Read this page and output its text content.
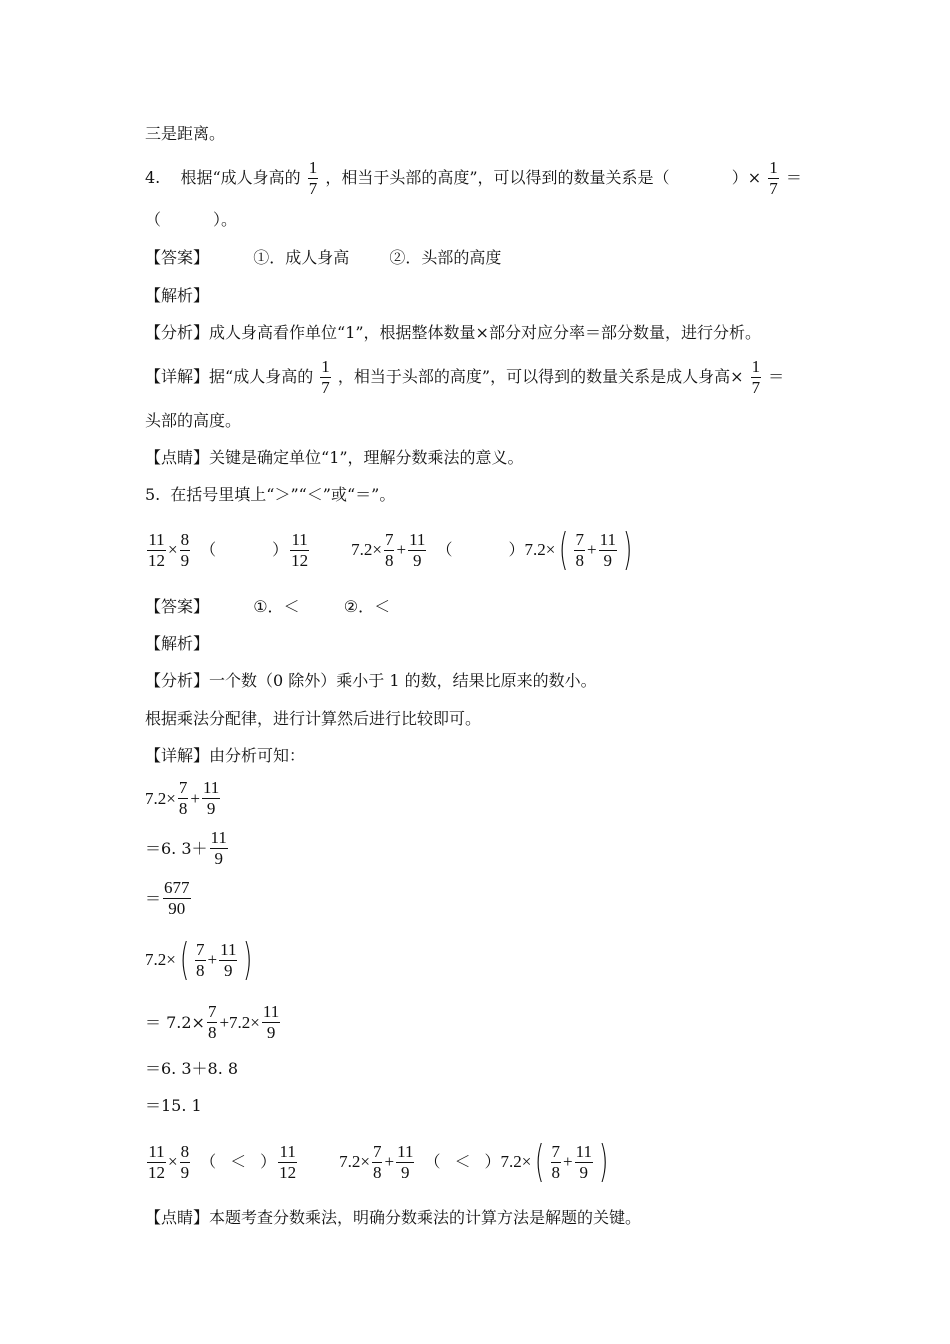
三是距离。
4. 根据“成人身高的 $\frac{1}{7}$ ，相当于头部的高度”，可以得到的数量关系是（	）× $\frac{1}{7}$ ＝
（	）。
【答案】	①．成人身高	②．头部的高度
【解析】
【分析】成人身高看作单位“1”，根据整体数量×部分对应分率＝部分数量，进行分析。
【详解】据“成人身高的 $\frac{1}{7}$ ，相当于头部的高度”，可以得到的数量关系是成人身高× $\frac{1}{7}$ ＝
头部的高度。
【点睛】关键是确定单位“1”，理解分数乘法的意义。
5. 在括号里填上“＞”“＜”或“＝”。
$\frac{11}{12} \times \frac{8}{9}$ （	） $\frac{11}{12} 7.2\times \frac{7}{8} + \frac{11}{9}$ （	） 7.2× ( $\frac{7}{8} + \frac{11}{9}$ )
【答案】	①．＜	②．＜
【解析】
【分析】一个数（0 除外）乘小于 1 的数，结果比原来的数小。
根据乘法分配律，进行计算然后进行比较即可。
【详解】由分析可知：
$7.2\times \frac{7}{8} + \frac{11}{9}$
＝6. $3+ \frac{11}{9}$
＝ $\frac{677}{90}$
7.2× ( $\frac{7}{8} + \frac{11}{9}$ )
＝ $7.2\times \frac{7}{8} +7.2\times \frac{11}{9}$
＝6. 3＋8. 8
＝15. 1
$\frac{11}{12} \times \frac{8}{9}$ （ ＜ ） $\frac{11}{12} 7.2\times \frac{7}{8} + \frac{11}{9}$ （ ＜ ） 7.2× ( $\frac{7}{8} + \frac{11}{9}$ )
【点睛】本题考查分数乘法，明确分数乘法的计算方法是解题的关键。
